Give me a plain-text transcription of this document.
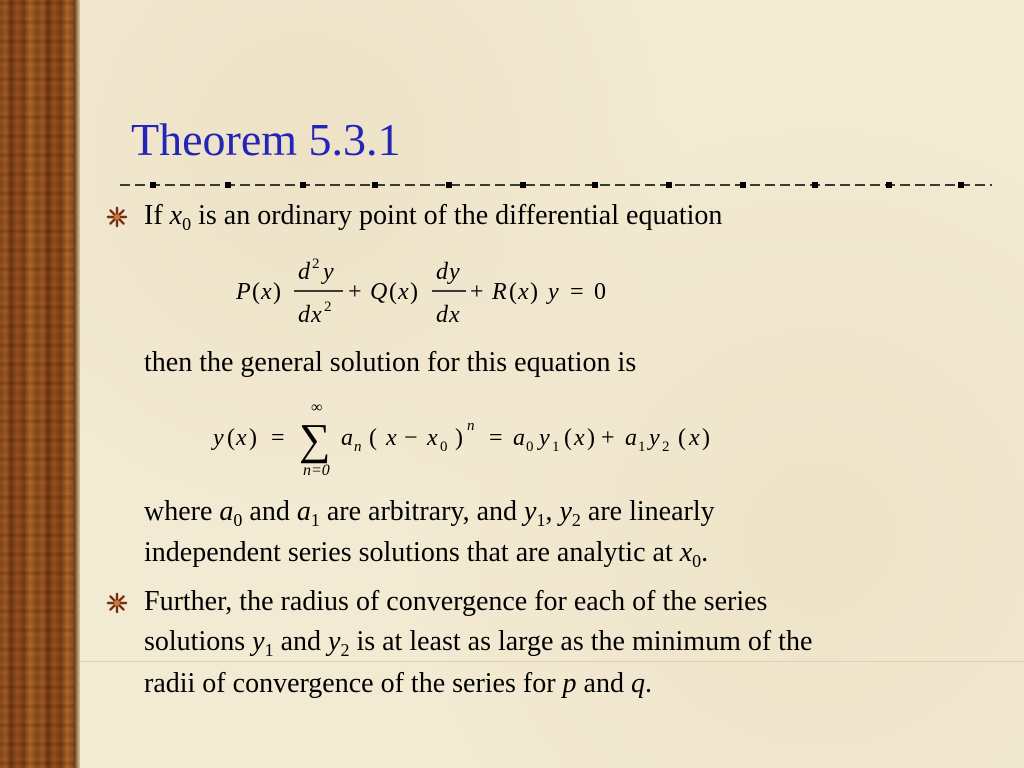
Theorem 5.3.1
If $x_0$ is an ordinary point of the differential equation
P ( x )
d 2 y
d x 2
+ Q ( x )
d y
d x
+ R ( x ) y = 0
then the general solution for this equation is
y ( x ) =
∞
∑
n=0
a n ( x − x 0 ) n = a 0 y 1 ( x ) + a 1 y 2 ( x )
where $a_0$ and $a_1$ are arbitrary, and $y_1$, $y_2$ are linearly
independent series solutions that are analytic at $x_0$.
Further, the radius of convergence for each of the series
solutions $y_1$ and $y_2$ is at least as large as the minimum of the
radii of convergence of the series for p and q.
